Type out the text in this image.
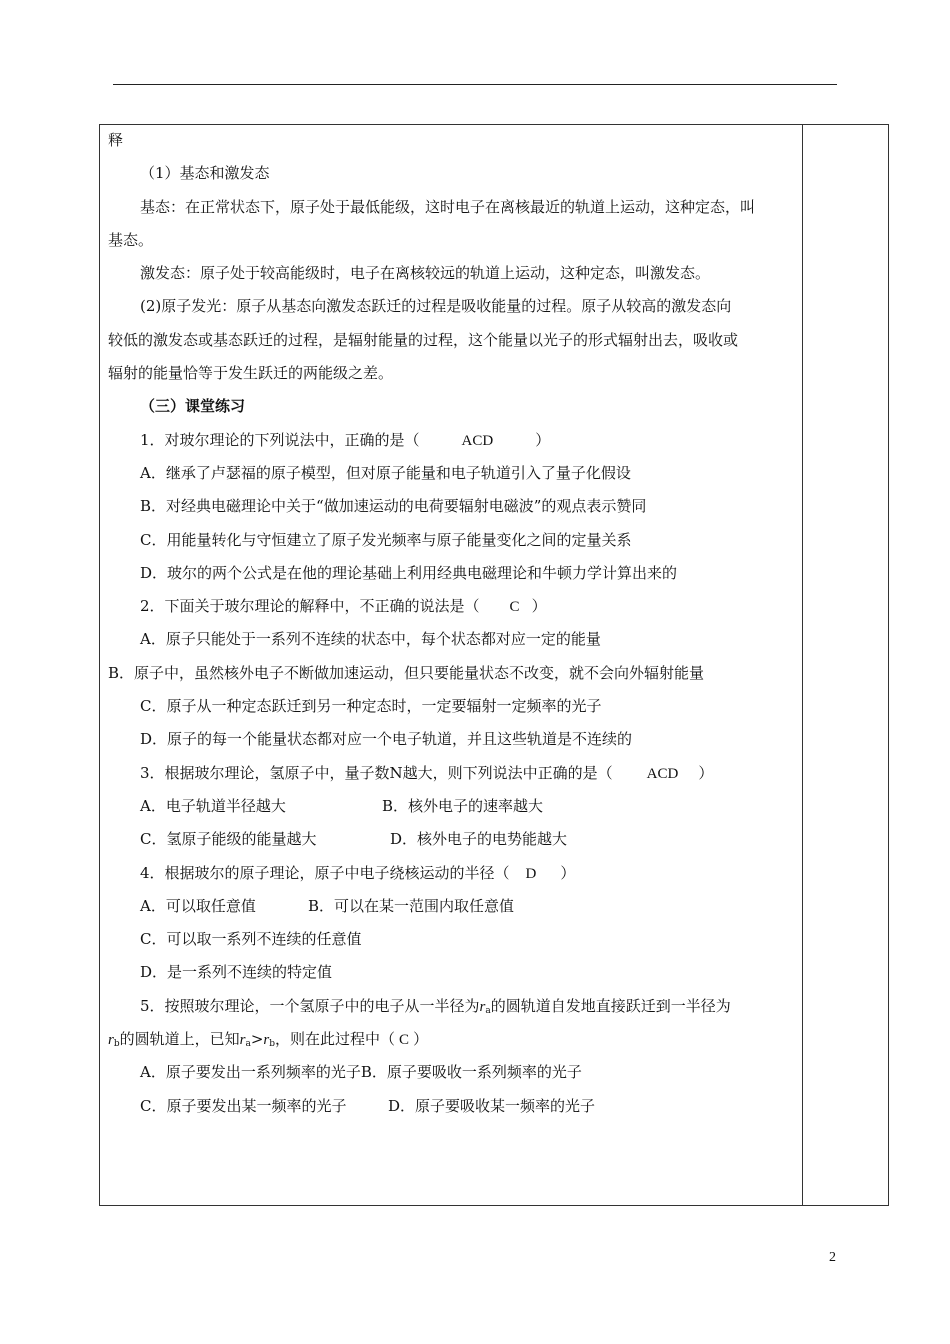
释
（1）基态和激发态
基态：在正常状态下，原子处于最低能级，这时电子在离核最近的轨道上运动，这种定态，叫
基态。
激发态：原子处于较高能级时，电子在离核较远的轨道上运动，这种定态，叫激发态。
(2)原子发光：原子从基态向激发态跃迁的过程是吸收能量的过程。原子从较高的激发态向
较低的激发态或基态跃迁的过程，是辐射能量的过程，这个能量以光子的形式辐射出去，吸收或
辐射的能量恰等于发生跃迁的两能级之差。
（三）课堂练习
1．对玻尔理论的下列说法中，正确的是（	ACD	）
A．继承了卢瑟福的原子模型，但对原子能量和电子轨道引入了量子化假设
B．对经典电磁理论中关于“做加速运动的电荷要辐射电磁波”的观点表示赞同
C．用能量转化与守恒建立了原子发光频率与原子能量变化之间的定量关系
D．玻尔的两个公式是在他的理论基础上利用经典电磁理论和牛顿力学计算出来的
2．下面关于玻尔理论的解释中，不正确的说法是（ C ）
A．原子只能处于一系列不连续的状态中，每个状态都对应一定的能量
B．原子中，虽然核外电子不断做加速运动，但只要能量状态不改变，就不会向外辐射能量
C．原子从一种定态跃迁到另一种定态时，一定要辐射一定频率的光子
D．原子的每一个能量状态都对应一个电子轨道，并且这些轨道是不连续的
3．根据玻尔理论，氢原子中，量子数N越大，则下列说法中正确的是（ ACD ）
A．电子轨道半径越大	B．核外电子的速率越大
C．氢原子能级的能量越大	D．核外电子的电势能越大
4．根据玻尔的原子理论，原子中电子绕核运动的半径（ D ）
A．可以取任意值	B．可以在某一范围内取任意值
C．可以取一系列不连续的任意值
D．是一系列不连续的特定值
5．按照玻尔理论，一个氢原子中的电子从一半径为$r_a$的圆轨道自发地直接跃迁到一半径为
$r_b$的圆轨道上，已知$r_a>r_b$，则在此过程中（ C ）
A．原子要发出一系列频率的光子B．原子要吸收一系列频率的光子
C．原子要发出某一频率的光子	D．原子要吸收某一频率的光子
2
